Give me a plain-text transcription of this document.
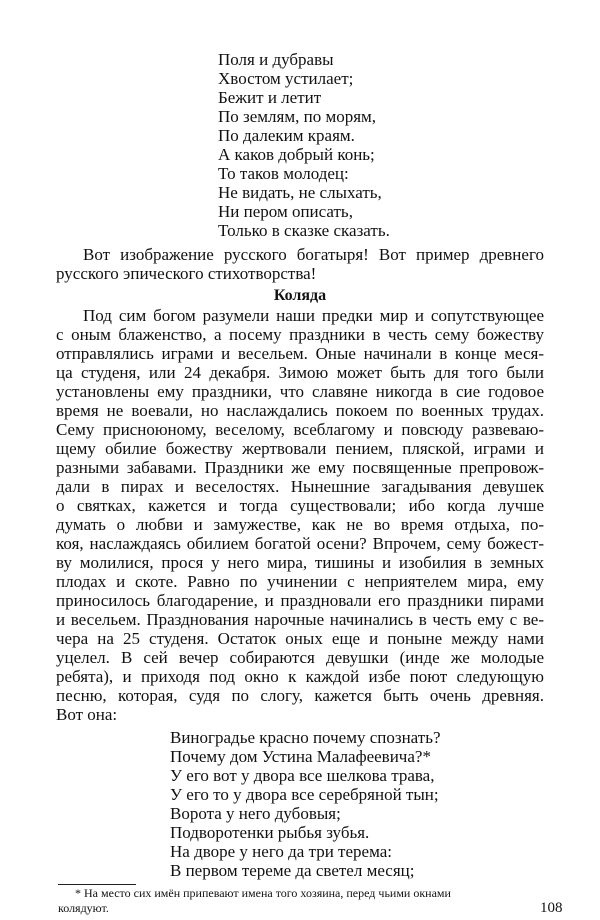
Поля и дубравы
Хвостом устилает;
Бежит и летит
По землям, по морям,
По далеким краям.
А каков добрый конь;
То таков молодец:
Не видать, не слыхать,
Ни пером описать,
Только в сказке сказать.
Вот изображение русского богатыря! Вот пример древнего
русского эпического стихотворства!
Коляда
Под сим богом разумели наши предки мир и сопутствующее
с оным блаженство, а посему праздники в честь сему божеству
отправлялись играми и весельем. Оные начинали в конце меся-
ца студеня, или 24 декабря. Зимою может быть для того были
установлены ему праздники, что славяне никогда в сие годовое
время не воевали, но наслаждались покоем по военных трудах.
Сему присноюному, веселому, всеблагому и повсюду развеваю-
щему обилие божеству жертвовали пением, пляской, играми и
разными забавами. Праздники же ему посвященные препровож-
дали в пирах и веселостях. Нынешние загадывания девушек
о святках, кажется и тогда существовали; ибо когда лучше
думать о любви и замужестве, как не во время отдыха, по-
коя, наслаждаясь обилием богатой осени? Впрочем, сему божест-
ву молилися, прося у него мира, тишины и изобилия в земных
плодах и скоте. Равно по учинении с неприятелем мира, ему
приносилось благодарение, и праздновали его праздники пирами
и весельем. Празднования нарочные начинались в честь ему с ве-
чера на 25 студеня. Остаток оных еще и поныне между нами
уцелел. В сей вечер собираются девушки (инде же молодые
ребята), и приходя под окно к каждой избе поют следующую
песню, которая, судя по слогу, кажется быть очень древняя.
Вот она:
Виноградье красно почему спознать?
Почему дом Устина Малафеевича?*
У его вот у двора все шелкова трава,
У его то у двора все серебряной тын;
Ворота у него дубовыя;
Подворотенки рыбья зубья.
На дворе у него да три терема:
В первом тереме да светел месяц;
* На место сих имён припевают имена того хозяина, перед чьими окнами
колядуют.	108
